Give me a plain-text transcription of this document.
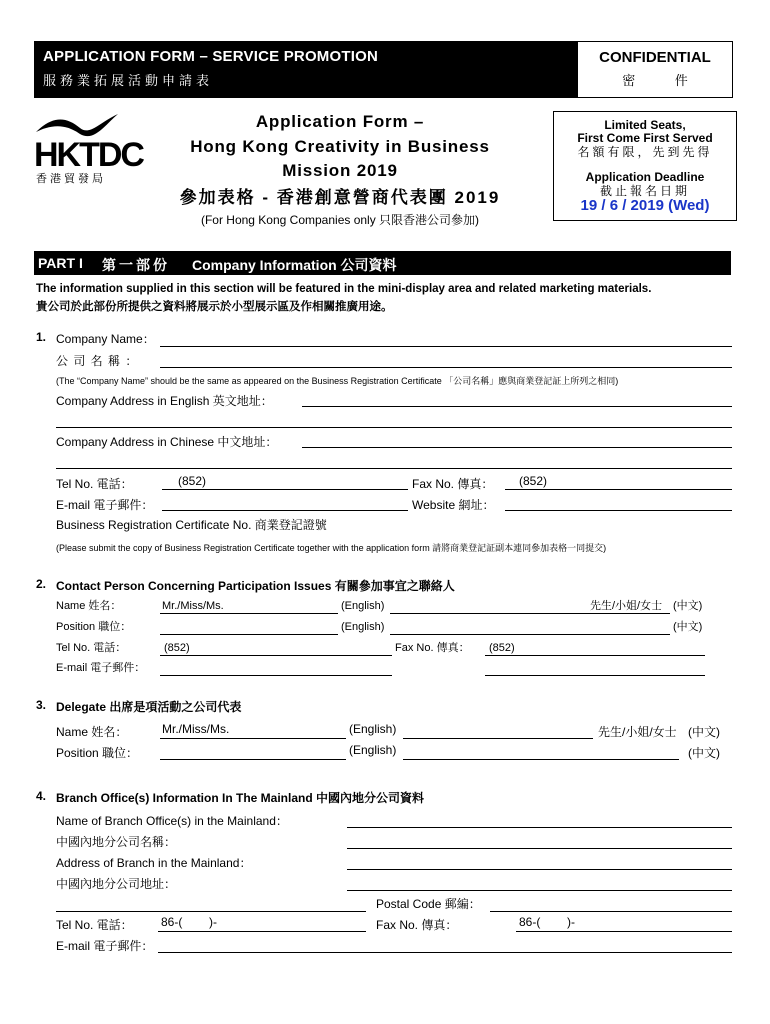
APPLICATION FORM – SERVICE PROMOTION
服務業拓展活動申請表
CONFIDENTIAL
密 件
HKTDC
香港貿發局
Application Form –
Hong Kong Creativity in Business
Mission 2019
參加表格 - 香港創意營商代表團 2019
(For Hong Kong Companies only 只限香港公司參加)
Limited Seats,
First Come First Served
名額有限，先到先得
Application Deadline
截止報名日期
19 / 6 / 2019 (Wed)
PART I 第一部份 Company Information 公司資料
The information supplied in this section will be featured in the mini-display area and related marketing materials.
貴公司於此部份所提供之資料將展示於小型展示區及作相關推廣用途。
1. Company Name：
公 司 名 稱 ：
(The “Company Name” should be the same as appeared on the Business Registration Certificate 「公司名稱」應與商業登記証上所列之相同)
Company Address in English 英文地址：
Company Address in Chinese 中文地址：
Tel No. 電話：	(852)	Fax No. 傳真： (852)
E-mail 電子郵件：	Website 網址：
Business Registration Certificate No. 商業登記證號
(Please submit the copy of Business Registration Certificate together with the application form 請將商業登記証副本連同參加表格一同提交)
2. Contact Person Concerning Participation Issues 有關參加事宜之聯絡人
Name 姓名：	Mr./Miss/Ms.	(English)	先生/小姐/女士 (中文)
Position 職位：	(English)	(中文)
Tel No. 電話：	(852)	Fax No. 傳真： (852)
E-mail 電子郵件：
3. Delegate 出席是項活動之公司代表
Name 姓名：	Mr./Miss/Ms.	(English)	先生/小姐/女士 (中文)
Position 職位：	(English)	(中文)
4. Branch Office(s) Information In The Mainland 中國內地分公司資料
Name of Branch Office(s) in the Mainland：
中國內地分公司名稱：
Address of Branch in the Mainland：
中國內地分公司地址：
Postal Code 郵編：
Tel No. 電話： 86-(        )-	Fax No. 傳真：	86-(        )-
E-mail 電子郵件：
